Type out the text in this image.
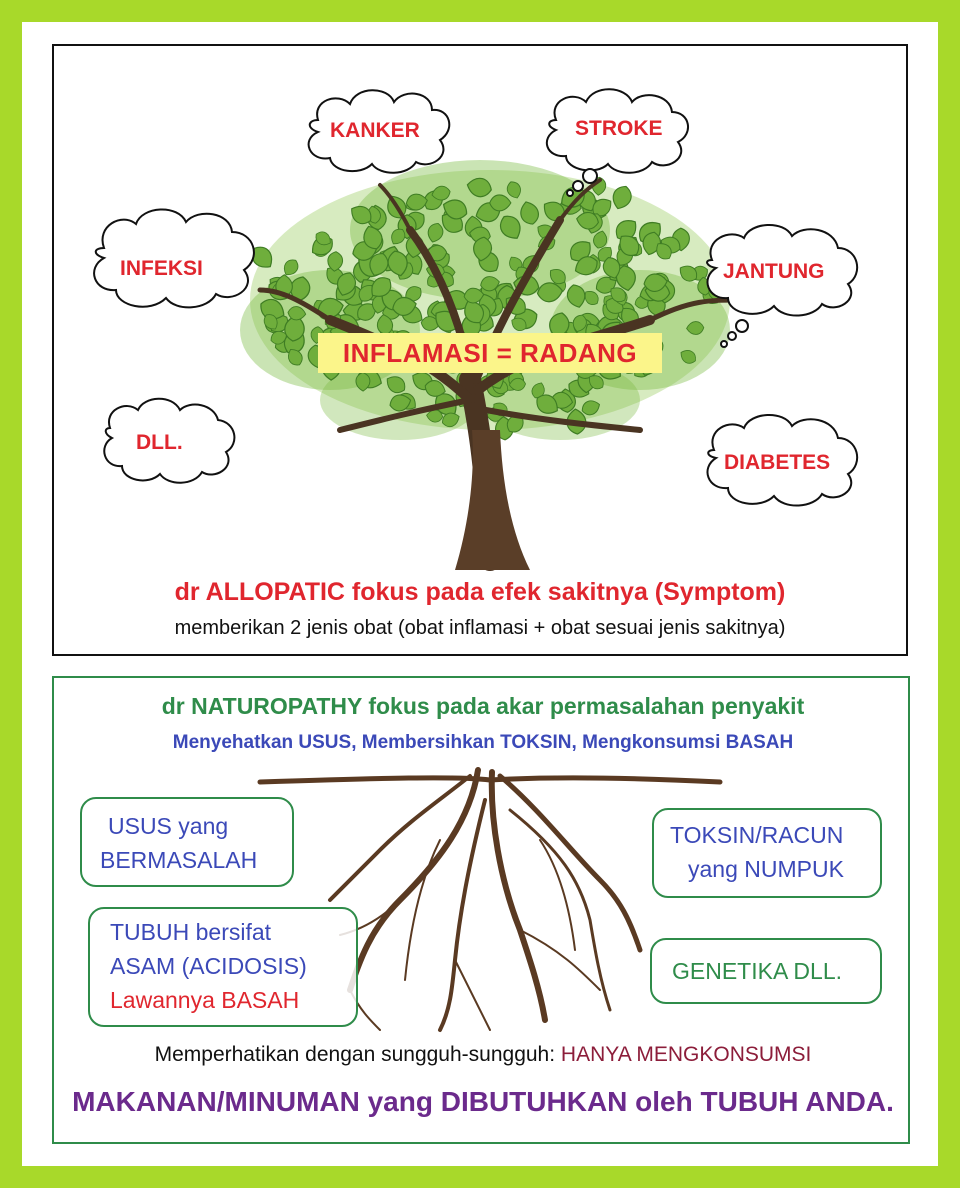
KANKER	STROKE
INFEKSI	JANTUNG
DLL.
DIABETES
INFLAMASI = RADANG
dr ALLOPATIC fokus pada efek sakitnya (Symptom)
memberikan 2 jenis obat (obat inflamasi + obat sesuai jenis sakitnya)
dr NATUROPATHY fokus pada akar permasalahan penyakit
Menyehatkan USUS, Membersihkan TOKSIN, Mengkonsumsi BASAH
USUS yang
BERMASALAH
TOKSIN/RACUN
yang NUMPUK
TUBUH bersifat
ASAM (ACIDOSIS)
Lawannya BASAH
GENETIKA DLL.
Memperhatikan dengan sungguh-sungguh: HANYA MENGKONSUMSI
MAKANAN/MINUMAN yang DIBUTUHKAN oleh TUBUH ANDA.
